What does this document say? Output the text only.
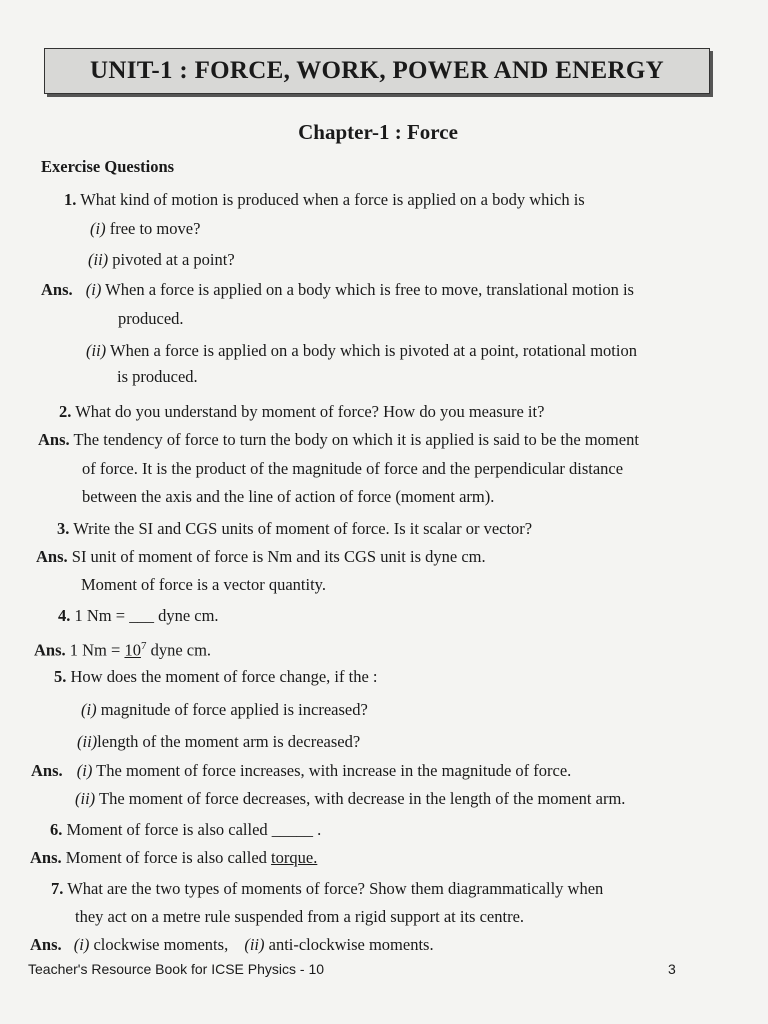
UNIT-1 : FORCE, WORK, POWER AND ENERGY
Chapter-1 : Force
Exercise Questions
1. What kind of motion is produced when a force is applied on a body which is
(i) free to move?
(ii) pivoted at a point?
Ans. (i) When a force is applied on a body which is free to move, translational motion is
produced.
(ii) When a force is applied on a body which is pivoted at a point, rotational motion
is produced.
2. What do you understand by moment of force? How do you measure it?
Ans. The tendency of force to turn the body on which it is applied is said to be the moment
of force. It is the product of the magnitude of force and the perpendicular distance
between the axis and the line of action of force (moment arm).
3. Write the SI and CGS units of moment of force. Is it scalar or vector?
Ans. SI unit of moment of force is Nm and its CGS unit is dyne cm.
Moment of force is a vector quantity.
4. 1 Nm = ___ dyne cm.
Ans. 1 $Nm = 10^7$ dyne cm.
5. How does the moment of force change, if the :
(i) magnitude of force applied is increased?
(ii)length of the moment arm is decreased?
Ans. (i) The moment of force increases, with increase in the magnitude of force.
(ii) The moment of force decreases, with decrease in the length of the moment arm.
6. Moment of force is also called _____ .
Ans. Moment of force is also called torque.
7. What are the two types of moments of force? Show them diagrammatically when
they act on a metre rule suspended from a rigid support at its centre.
Ans. (i) clockwise moments, (ii) anti-clockwise moments.
Teacher's Resource Book for ICSE Physics - 10	3
